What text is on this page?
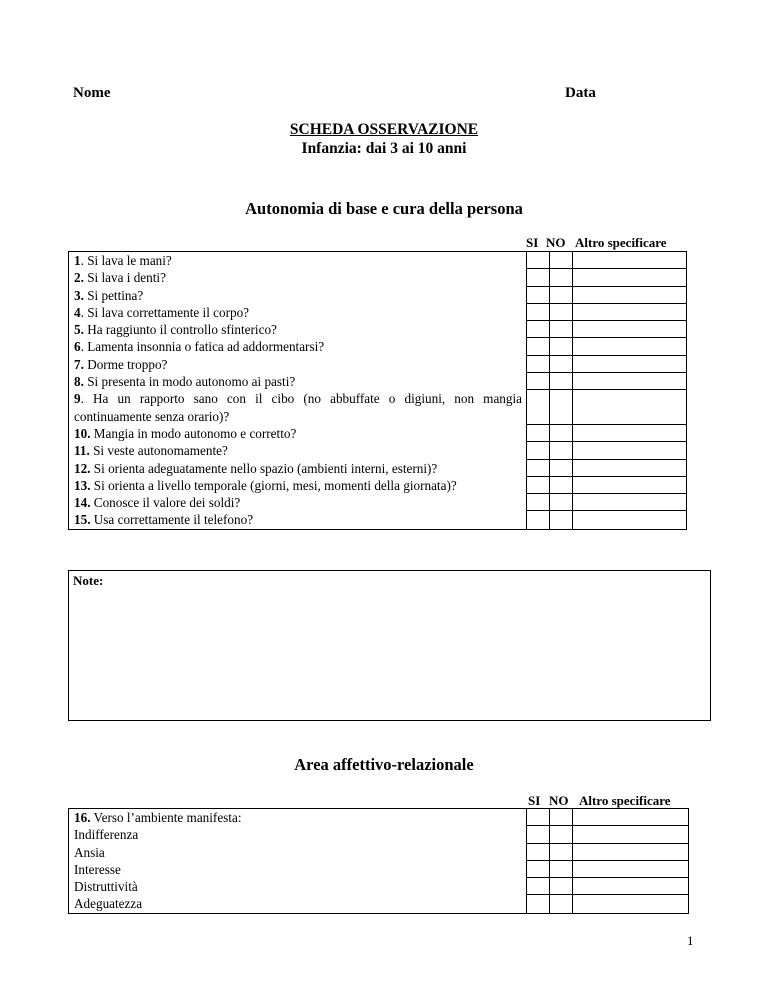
Nome	Data
SCHEDA OSSERVAZIONE
Infanzia: dai 3 ai 10 anni
Autonomia di base e cura della persona
SI NO Altro specificare
1. Si lava le mani?
2. Si lava i denti?
3. Si pettina?
4. Si lava correttamente il corpo?
5. Ha raggiunto il controllo sfinterico?
6. Lamenta insonnia o fatica ad addormentarsi?
7. Dorme troppo?
8. Si presenta in modo autonomo ai pasti?
9. Ha un rapporto sano con il cibo (no abbuffate o digiuni, non mangia continuamente senza orario)?
10. Mangia in modo autonomo e corretto?
11. Si veste autonomamente?
12. Si orienta adeguatamente nello spazio (ambienti interni, esterni)?
13. Si orienta a livello temporale (giorni, mesi, momenti della giornata)?
14. Conosce il valore dei soldi?
15. Usa correttamente il telefono?
Note:
Area affettivo-relazionale
SI NO Altro specificare
16. Verso l’ambiente manifesta:
Indifferenza
Ansia
Interesse
Distruttività
Adeguatezza
1
